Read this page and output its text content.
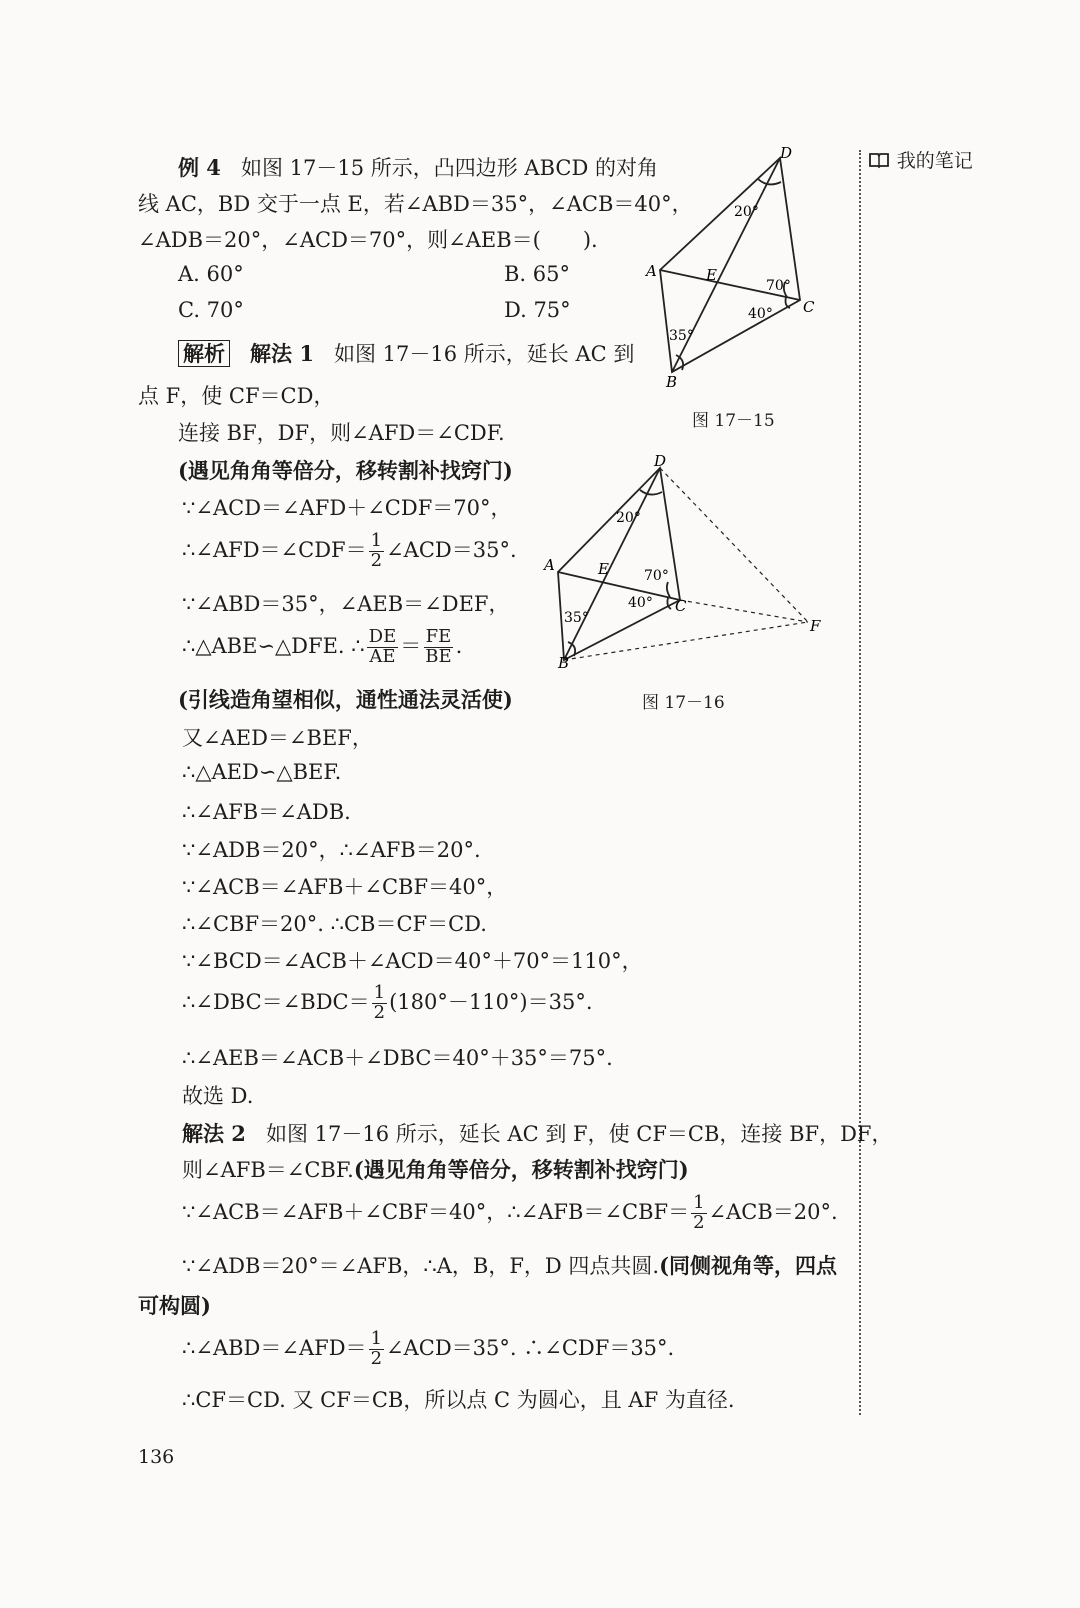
我的笔记
例 4 如图 17－15 所示，凸四边形 ABCD 的对角
线 AC，BD 交于一点 E，若∠ABD＝35°，∠ACB＝40°，
∠ADB＝20°，∠ACD＝70°，则∠AEB＝(　　).
A. 60°	B. 65°
C. 70°	D. 75°
解析 解法 1 如图 17－16 所示，延长 AC 到
点 F，使 CF＝CD，
连接 BF，DF，则∠AFD＝∠CDF.
(遇见角角等倍分，移转割补找窍门)
∵∠ACD＝∠AFD＋∠CDF＝70°，
∴∠AFD＝∠CDF＝ $\frac{1}{2}$ ∠ACD＝35°.
∵∠ABD＝35°，∠AEB＝∠DEF，
∴△ABE∽△DFE. ∴ $\frac{DE}{AE} = \frac{FE}{BE}$ .
(引线造角望相似，通性通法灵活使)
又∠AED＝∠BEF，
∴△AED∽△BEF.
∴∠AFB＝∠ADB.
∵∠ADB＝20°，∴∠AFB＝20°.
∵∠ACB＝∠AFB＋∠CBF＝40°，
∴∠CBF＝20°. ∴CB＝CF＝CD.
∵∠BCD＝∠ACB＋∠ACD＝40°＋70°＝110°，
∴∠DBC＝∠BDC＝ $\frac{1}{2} (180^\circ-110^\circ)=35^\circ$.
∴∠AEB＝∠ACB＋∠DBC＝40°＋35°＝75°.
故选 D.
解法 2 如图 17－16 所示，延长 AC 到 F，使 CF＝CB，连接 BF，DF，
则∠AFB＝∠CBF.(遇见角角等倍分，移转割补找窍门)
∵∠ACB＝∠AFB＋∠CBF＝40°，∴∠AFB＝∠CBF＝ $\frac{1}{2}$ ∠ACB＝20°.
∵∠ADB＝20°＝∠AFB，∴A，B，F，D 四点共圆.(同侧视角等，四点
可构圆)
∴∠ABD＝∠AFD＝ $\frac{1}{2}$ ∠ACD＝35°. ∴∠CDF＝35°.
∴CF＝CD. 又 CF＝CB，所以点 C 为圆心，且 AF 为直径.
136
D
A	E
C
B
20°
70°
40°
35°
图 17－15
D
A	E
C
F
B
20°
70°
40°
35°
图 17－16
